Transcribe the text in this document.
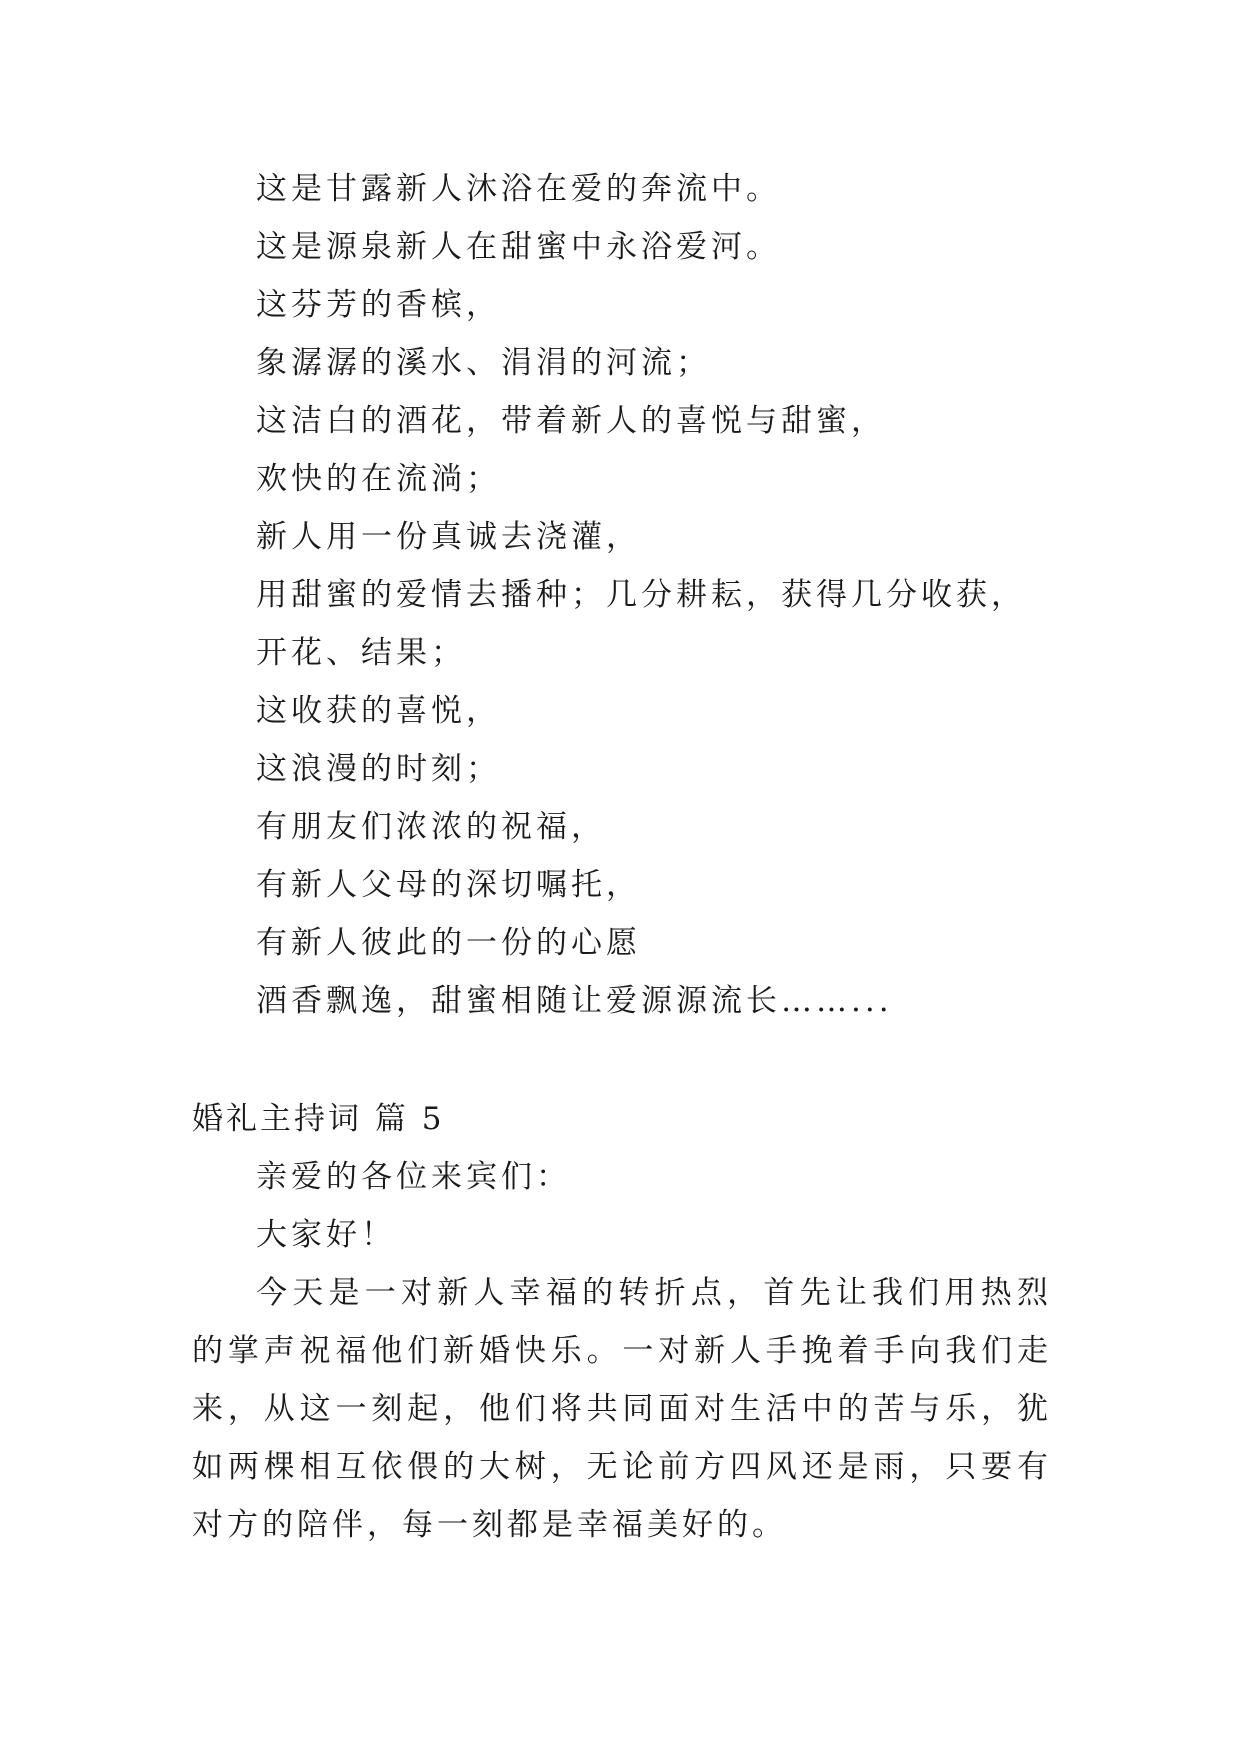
这是甘露新人沐浴在爱的奔流中。
这是源泉新人在甜蜜中永浴爱河。
这芬芳的香槟，
象潺潺的溪水、涓涓的河流；
这洁白的酒花，带着新人的喜悦与甜蜜，
欢快的在流淌；
新人用一份真诚去浇灌，
用甜蜜的爱情去播种；几分耕耘，获得几分收获，
开花、结果；
这收获的喜悦，
这浪漫的时刻；
有朋友们浓浓的祝福，
有新人父母的深切嘱托，
有新人彼此的一份的心愿
酒香飘逸，甜蜜相随让爱源源流长……...
婚礼主持词 篇 5
亲爱的各位来宾们：
大家好！

今天是一对新人幸福的转折点，首先让我们用热烈的掌声祝福他们新婚快乐。一对新人手挽着手向我们走来，从这一刻起，他们将共同面对生活中的苦与乐，犹如两棵相互依偎的大树，无论前方四风还是雨，只要有对方的陪伴，每一刻都是幸福美好的。
